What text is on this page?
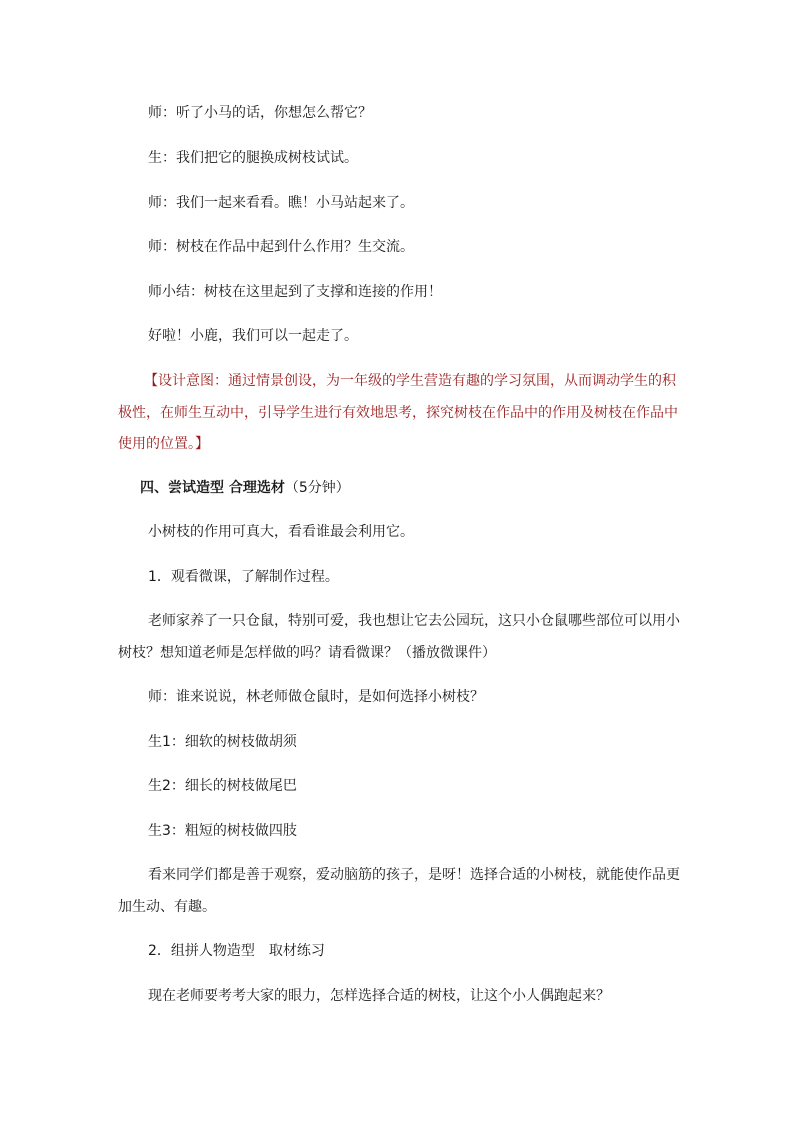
师：听了小马的话，你想怎么帮它？
生：我们把它的腿换成树枝试试。
师：我们一起来看看。瞧！小马站起来了。
师：树枝在作品中起到什么作用？生交流。
师小结：树枝在这里起到了支撑和连接的作用！
好啦！小鹿，我们可以一起走了。
【设计意图：通过情景创设，为一年级的学生营造有趣的学习氛围，从而调动学生的积
极性，在师生互动中，引导学生进行有效地思考，探究树枝在作品中的作用及树枝在作品中
使用的位置。】
四、尝试造型 合理选材（5分钟）
小树枝的作用可真大，看看谁最会利用它。
1．观看微课，了解制作过程。
老师家养了一只仓鼠，特别可爱，我也想让它去公园玩，这只小仓鼠哪些部位可以用小
树枝？想知道老师是怎样做的吗？请看微课？（播放微课件）
师：谁来说说，林老师做仓鼠时，是如何选择小树枝？
生1：细软的树枝做胡须
生2：细长的树枝做尾巴
生3：粗短的树枝做四肢
看来同学们都是善于观察，爱动脑筋的孩子，是呀！选择合适的小树枝，就能使作品更
加生动、有趣。
2．组拼人物造型　取材练习
现在老师要考考大家的眼力，怎样选择合适的树枝，让这个小人偶跑起来？
